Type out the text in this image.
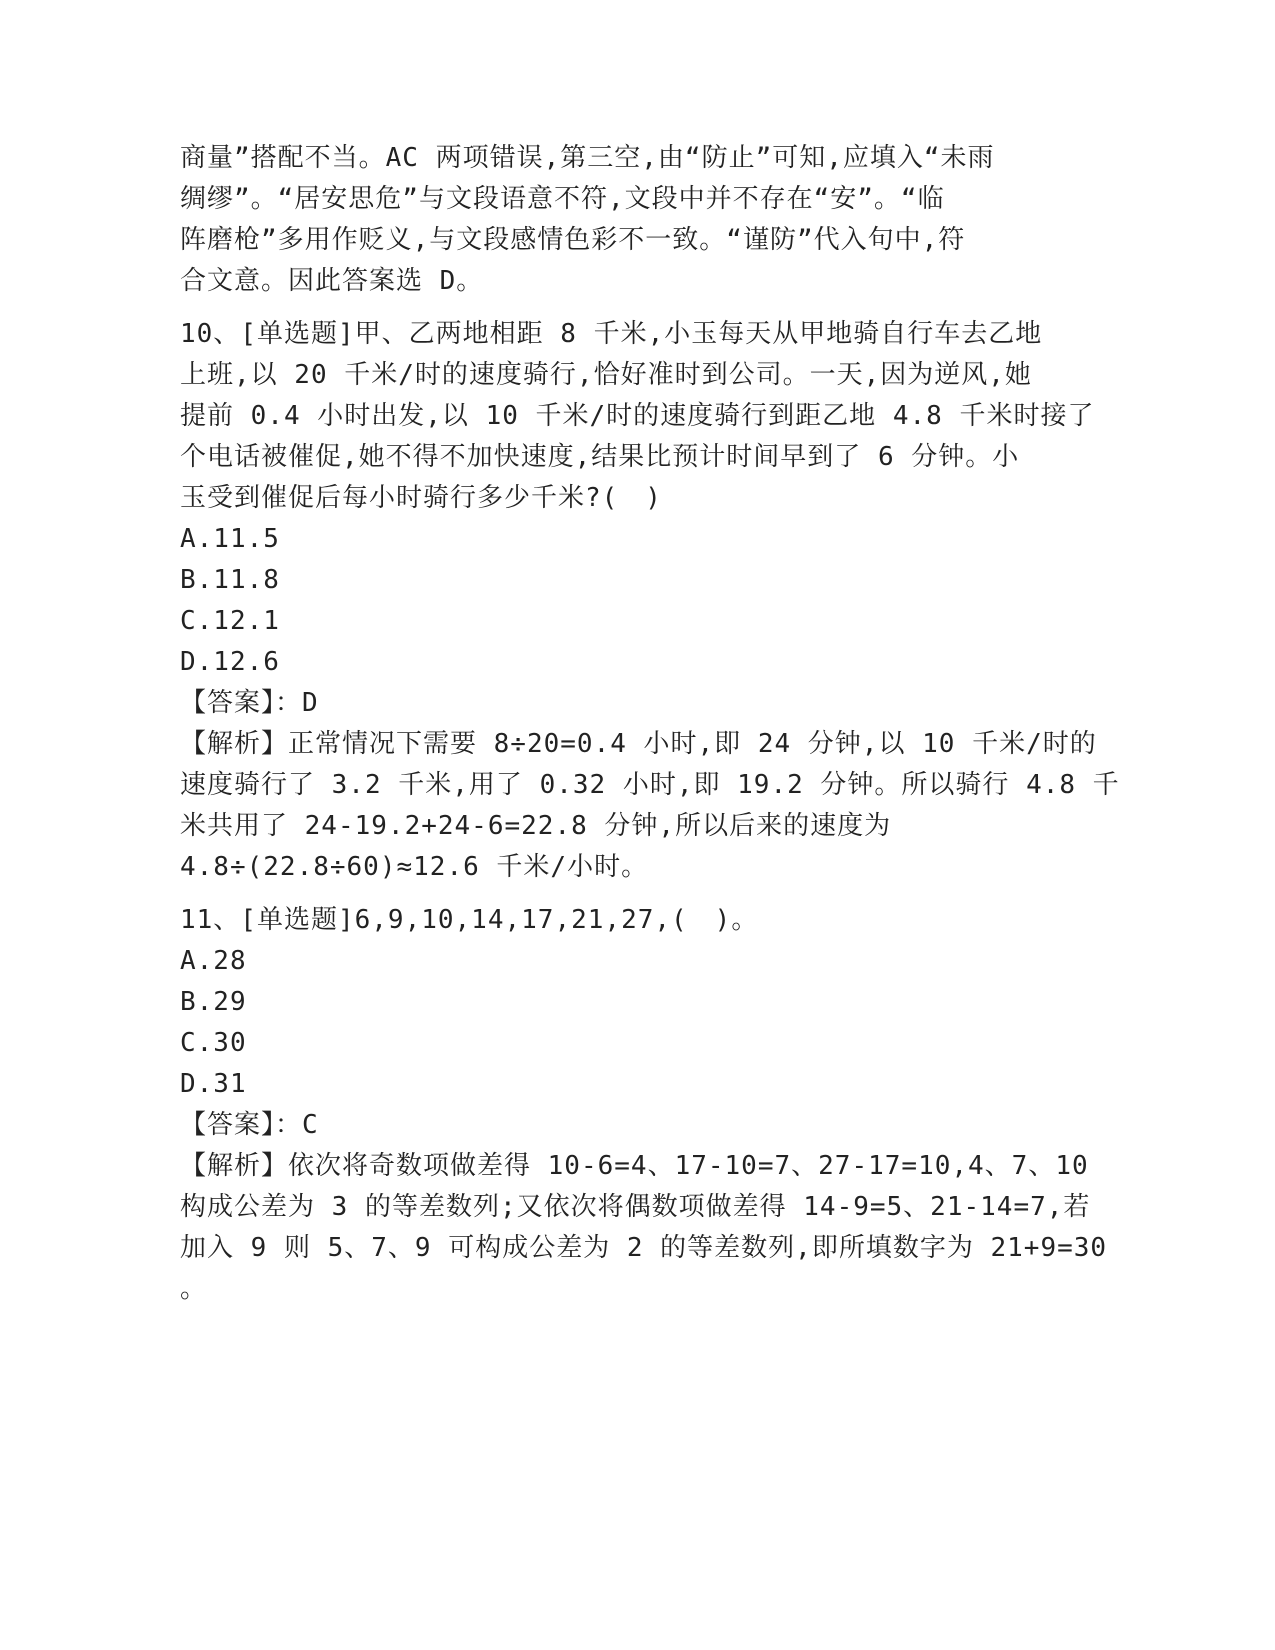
商量”搭配不当。AC 两项错误,第三空,由“防止”可知,应填入“未雨
绸缪”。“居安思危”与文段语意不符,文段中并不存在“安”。“临
阵磨枪”多用作贬义,与文段感情色彩不一致。“谨防”代入句中,符
合文意。因此答案选 D。
10、[单选题]甲、乙两地相距 8 千米,小玉每天从甲地骑自行车去乙地
上班,以 20 千米/时的速度骑行,恰好准时到公司。一天,因为逆风,她
提前 0.4 小时出发,以 10 千米/时的速度骑行到距乙地 4.8 千米时接了
个电话被催促,她不得不加快速度,结果比预计时间早到了 6 分钟。小
玉受到催促后每小时骑行多少千米?(　)
A.11.5
B.11.8
C.12.1
D.12.6
【答案】：D
【解析】正常情况下需要 8÷20=0.4 小时,即 24 分钟,以 10 千米/时的
速度骑行了 3.2 千米,用了 0.32 小时,即 19.2 分钟。所以骑行 4.8 千
米共用了 24-19.2+24-6=22.8 分钟,所以后来的速度为
4.8÷(22.8÷60)≈12.6 千米/小时。
11、[单选题]6,9,10,14,17,21,27,(　)。
A.28
B.29
C.30
D.31
【答案】：C
【解析】依次将奇数项做差得 10-6=4、17-10=7、27-17=10,4、7、10
构成公差为 3 的等差数列;又依次将偶数项做差得 14-9=5、21-14=7,若
加入 9 则 5、7、9 可构成公差为 2 的等差数列,即所填数字为 21+9=30
。
